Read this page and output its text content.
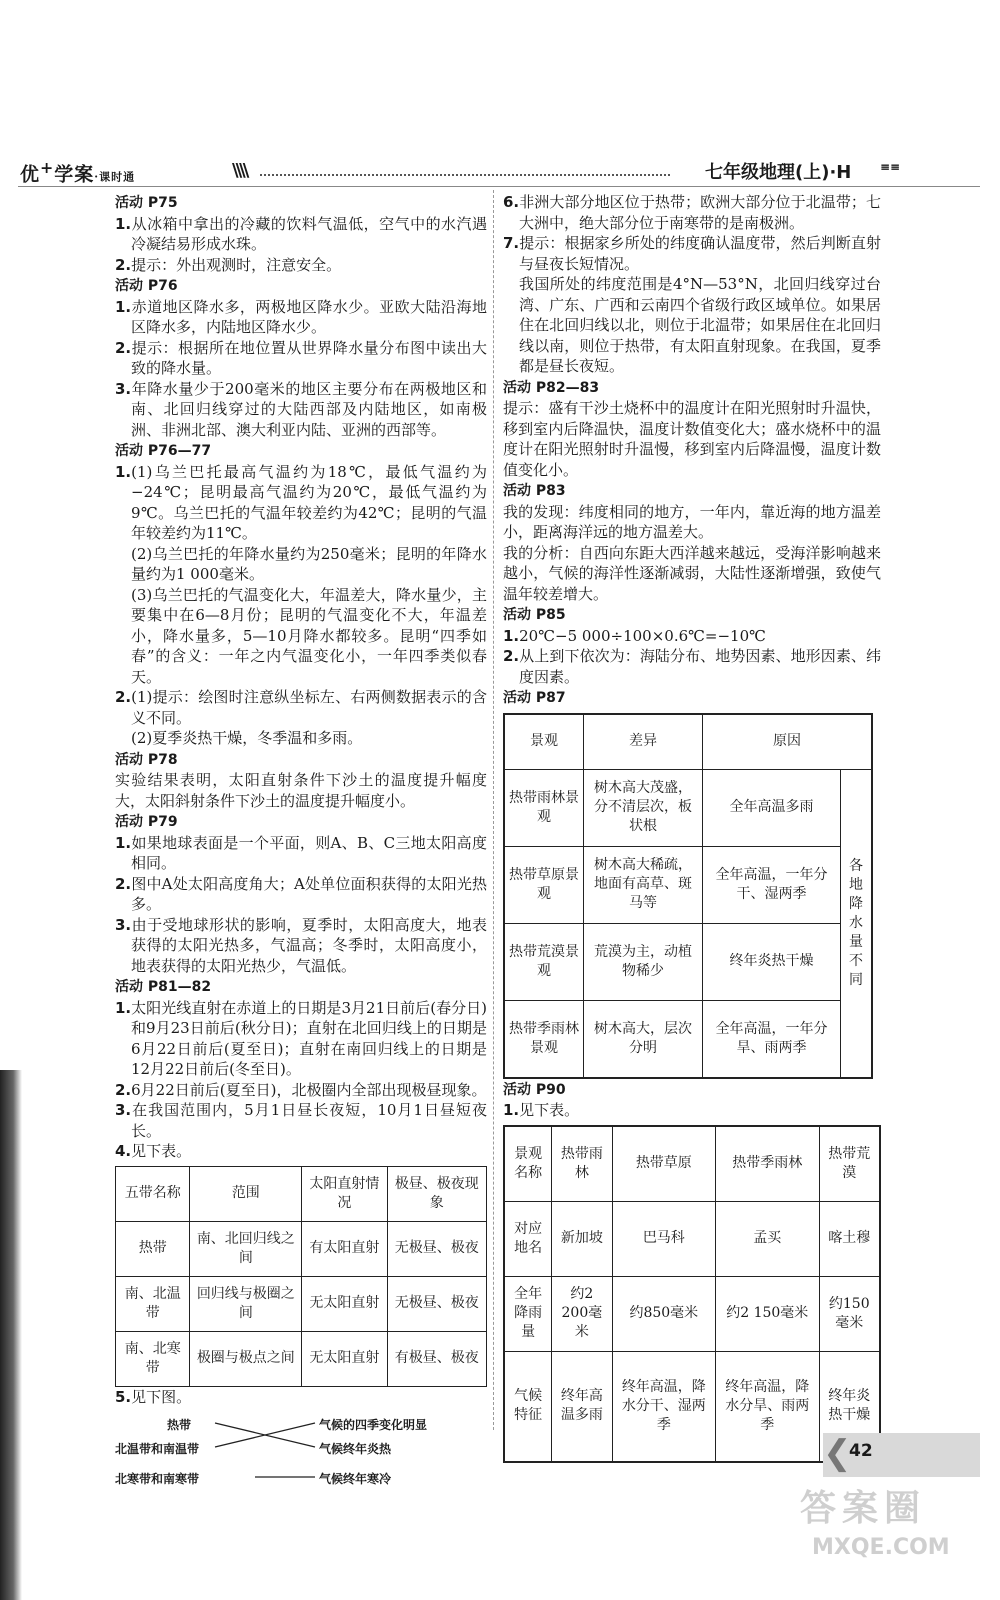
优+学案·课时通	\\\\	七年级地理(上)·H ≡≡
活动 P75
1.从冰箱中拿出的冷藏的饮料气温低，空气中的水汽遇冷凝结易形成水珠。
2.提示：外出观测时，注意安全。
活动 P76
1.赤道地区降水多，两极地区降水少。亚欧大陆沿海地区降水多，内陆地区降水少。
2.提示：根据所在地位置从世界降水量分布图中读出大致的降水量。
3.年降水量少于200毫米的地区主要分布在两极地区和南、北回归线穿过的大陆西部及内陆地区，如南极洲、非洲北部、澳大利亚内陆、亚洲的西部等。
活动 P76—77
1.(1)乌兰巴托最高气温约为18℃，最低气温约为−24℃；昆明最高气温约为20℃，最低气温约为9℃。乌兰巴托的气温年较差约为42℃；昆明的气温年较差约为11℃。
(2)乌兰巴托的年降水量约为250毫米；昆明的年降水量约为1 000毫米。
(3)乌兰巴托的气温变化大，年温差大，降水量少，主要集中在6—8月份；昆明的气温变化不大，年温差小，降水量多，5—10月降水都较多。昆明“四季如春”的含义：一年之内气温变化小，一年四季类似春天。
2.(1)提示：绘图时注意纵坐标左、右两侧数据表示的含义不同。
(2)夏季炎热干燥，冬季温和多雨。
活动 P78
实验结果表明，太阳直射条件下沙土的温度提升幅度大，太阳斜射条件下沙土的温度提升幅度小。
活动 P79
1.如果地球表面是一个平面，则A、B、C三地太阳高度相同。
2.图中A处太阳高度角大；A处单位面积获得的太阳光热多。
3.由于受地球形状的影响，夏季时，太阳高度大，地表获得的太阳光热多，气温高；冬季时，太阳高度小，地表获得的太阳光热少，气温低。
活动 P81—82
1.太阳光线直射在赤道上的日期是3月21日前后(春分日)和9月23日前后(秋分日)；直射在北回归线上的日期是6月22日前后(夏至日)；直射在南回归线上的日期是12月22日前后(冬至日)。
2.6月22日前后(夏至日)，北极圈内全部出现极昼现象。
3.在我国范围内，5月1日昼长夜短，10月1日昼短夜长。
4.见下表。
五带名称	范围	太阳直射情况	极昼、极夜现象
热带	南、北回归线之间	有太阳直射	无极昼、极夜
南、北温带	回归线与极圈之间	无太阳直射	无极昼、极夜
南、北寒带	极圈与极点之间	无太阳直射	有极昼、极夜
5.见下图。
热带
北温带和南温带
北寒带和南寒带
气候的四季变化明显
气候终年炎热
气候终年寒冷
6.非洲大部分地区位于热带；欧洲大部分位于北温带；七大洲中，绝大部分位于南寒带的是南极洲。
7.提示：根据家乡所处的纬度确认温度带，然后判断直射与昼夜长短情况。
我国所处的纬度范围是4°N—53°N，北回归线穿过台湾、广东、广西和云南四个省级行政区域单位。如果居住在北回归线以北，则位于北温带；如果居住在北回归线以南，则位于热带，有太阳直射现象。在我国，夏季都是昼长夜短。
活动 P82—83
提示：盛有干沙土烧杯中的温度计在阳光照射时升温快，移到室内后降温快，温度计数值变化大；盛水烧杯中的温度计在阳光照射时升温慢，移到室内后降温慢，温度计数值变化小。
活动 P83
我的发现：纬度相同的地方，一年内，靠近海的地方温差小，距离海洋远的地方温差大。
我的分析：自西向东距大西洋越来越远，受海洋影响越来越小，气候的海洋性逐渐减弱，大陆性逐渐增强，致使气温年较差增大。
活动 P85
1.20℃−5 000÷100×0.6℃=−10℃
2.从上到下依次为：海陆分布、地势因素、地形因素、纬度因素。
活动 P87
景观	差异	原因	
热带雨林景观	树木高大茂盛，分不清层次，板状根	全年高温多雨	各地降水量不同
热带草原景观	树木高大稀疏，地面有高草、斑马等	全年高温，一年分干、湿两季	
热带荒漠景观	荒漠为主，动植物稀少	终年炎热干燥	
热带季雨林景观	树木高大，层次分明	全年高温，一年分旱、雨两季	
活动 P90
1.见下表。
景观名称	热带雨林	热带草原	热带季雨林	热带荒漠
对应地名	新加坡	巴马科	孟买	喀土穆
全年降雨量	约2 200毫米	约850毫米	约2 150毫米	约150毫米
气候特征	终年高温多雨	终年高温，降水分干、湿两季	终年高温，降水分旱、雨两季	终年炎热干燥
❮
42
答案圈
MXQE.COM
